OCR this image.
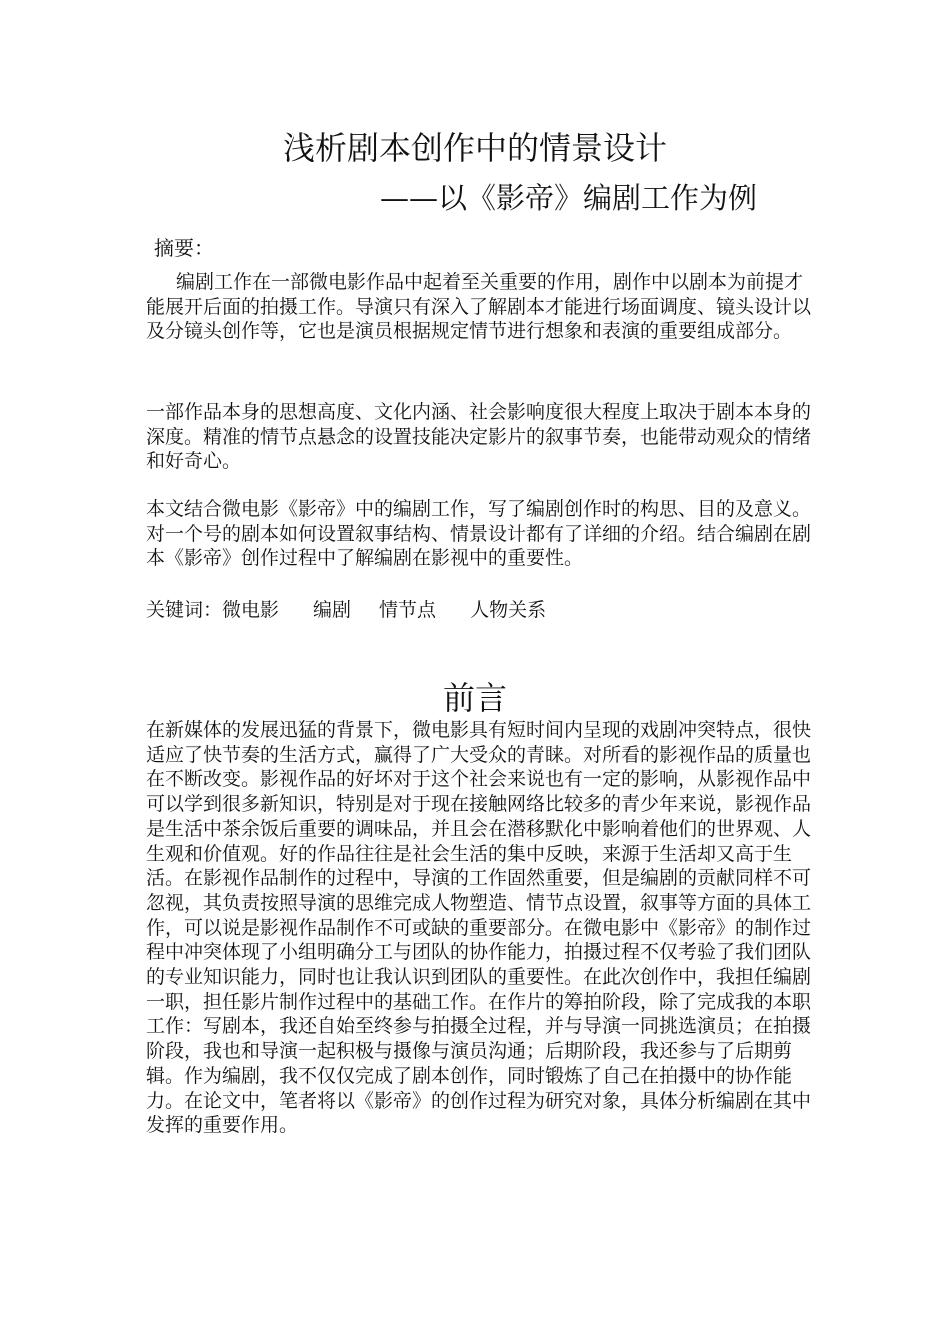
浅析剧本创作中的情景设计
——以《影帝》编剧工作为例
摘要：

编剧工作在一部微电影作品中起着至关重要的作用，剧作中以剧本为前提才能展开后面的拍摄工作。导演只有深入了解剧本才能进行场面调度、镜头设计以及分镜头创作等，它也是演员根据规定情节进行想象和表演的重要组成部分。

一部作品本身的思想高度、文化内涵、社会影响度很大程度上取决于剧本本身的深度。精准的情节点悬念的设置技能决定影片的叙事节奏，也能带动观众的情绪和好奇心。

本文结合微电影《影帝》中的编剧工作，写了编剧创作时的构思、目的及意义。对一个号的剧本如何设置叙事结构、情景设计都有了详细的介绍。结合编剧在剧本《影帝》创作过程中了解编剧在影视中的重要性。

关键词：微电影 编剧 情节点 人物关系
前言

在新媒体的发展迅猛的背景下，微电影具有短时间内呈现的戏剧冲突特点，很快适应了快节奏的生活方式，赢得了广大受众的青睐。对所看的影视作品的质量也在不断改变。影视作品的好坏对于这个社会来说也有一定的影响，从影视作品中可以学到很多新知识，特别是对于现在接触网络比较多的青少年来说，影视作品是生活中茶余饭后重要的调味品，并且会在潜移默化中影响着他们的世界观、人生观和价值观。好的作品往往是社会生活的集中反映，来源于生活却又高于生活。在影视作品制作的过程中，导演的工作固然重要，但是编剧的贡献同样不可忽视，其负责按照导演的思维完成人物塑造、情节点设置，叙事等方面的具体工作，可以说是影视作品制作不可或缺的重要部分。在微电影中《影帝》的制作过程中冲突体现了小组明确分工与团队的协作能力，拍摄过程不仅考验了我们团队的专业知识能力，同时也让我认识到团队的重要性。在此次创作中，我担任编剧一职，担任影片制作过程中的基础工作。在作片的筹拍阶段，除了完成我的本职工作：写剧本，我还自始至终参与拍摄全过程，并与导演一同挑选演员；在拍摄阶段，我也和导演一起积极与摄像与演员沟通；后期阶段，我还参与了后期剪辑。作为编剧，我不仅仅完成了剧本创作，同时锻炼了自己在拍摄中的协作能力。在论文中，笔者将以《影帝》的创作过程为研究对象，具体分析编剧在其中发挥的重要作用。
